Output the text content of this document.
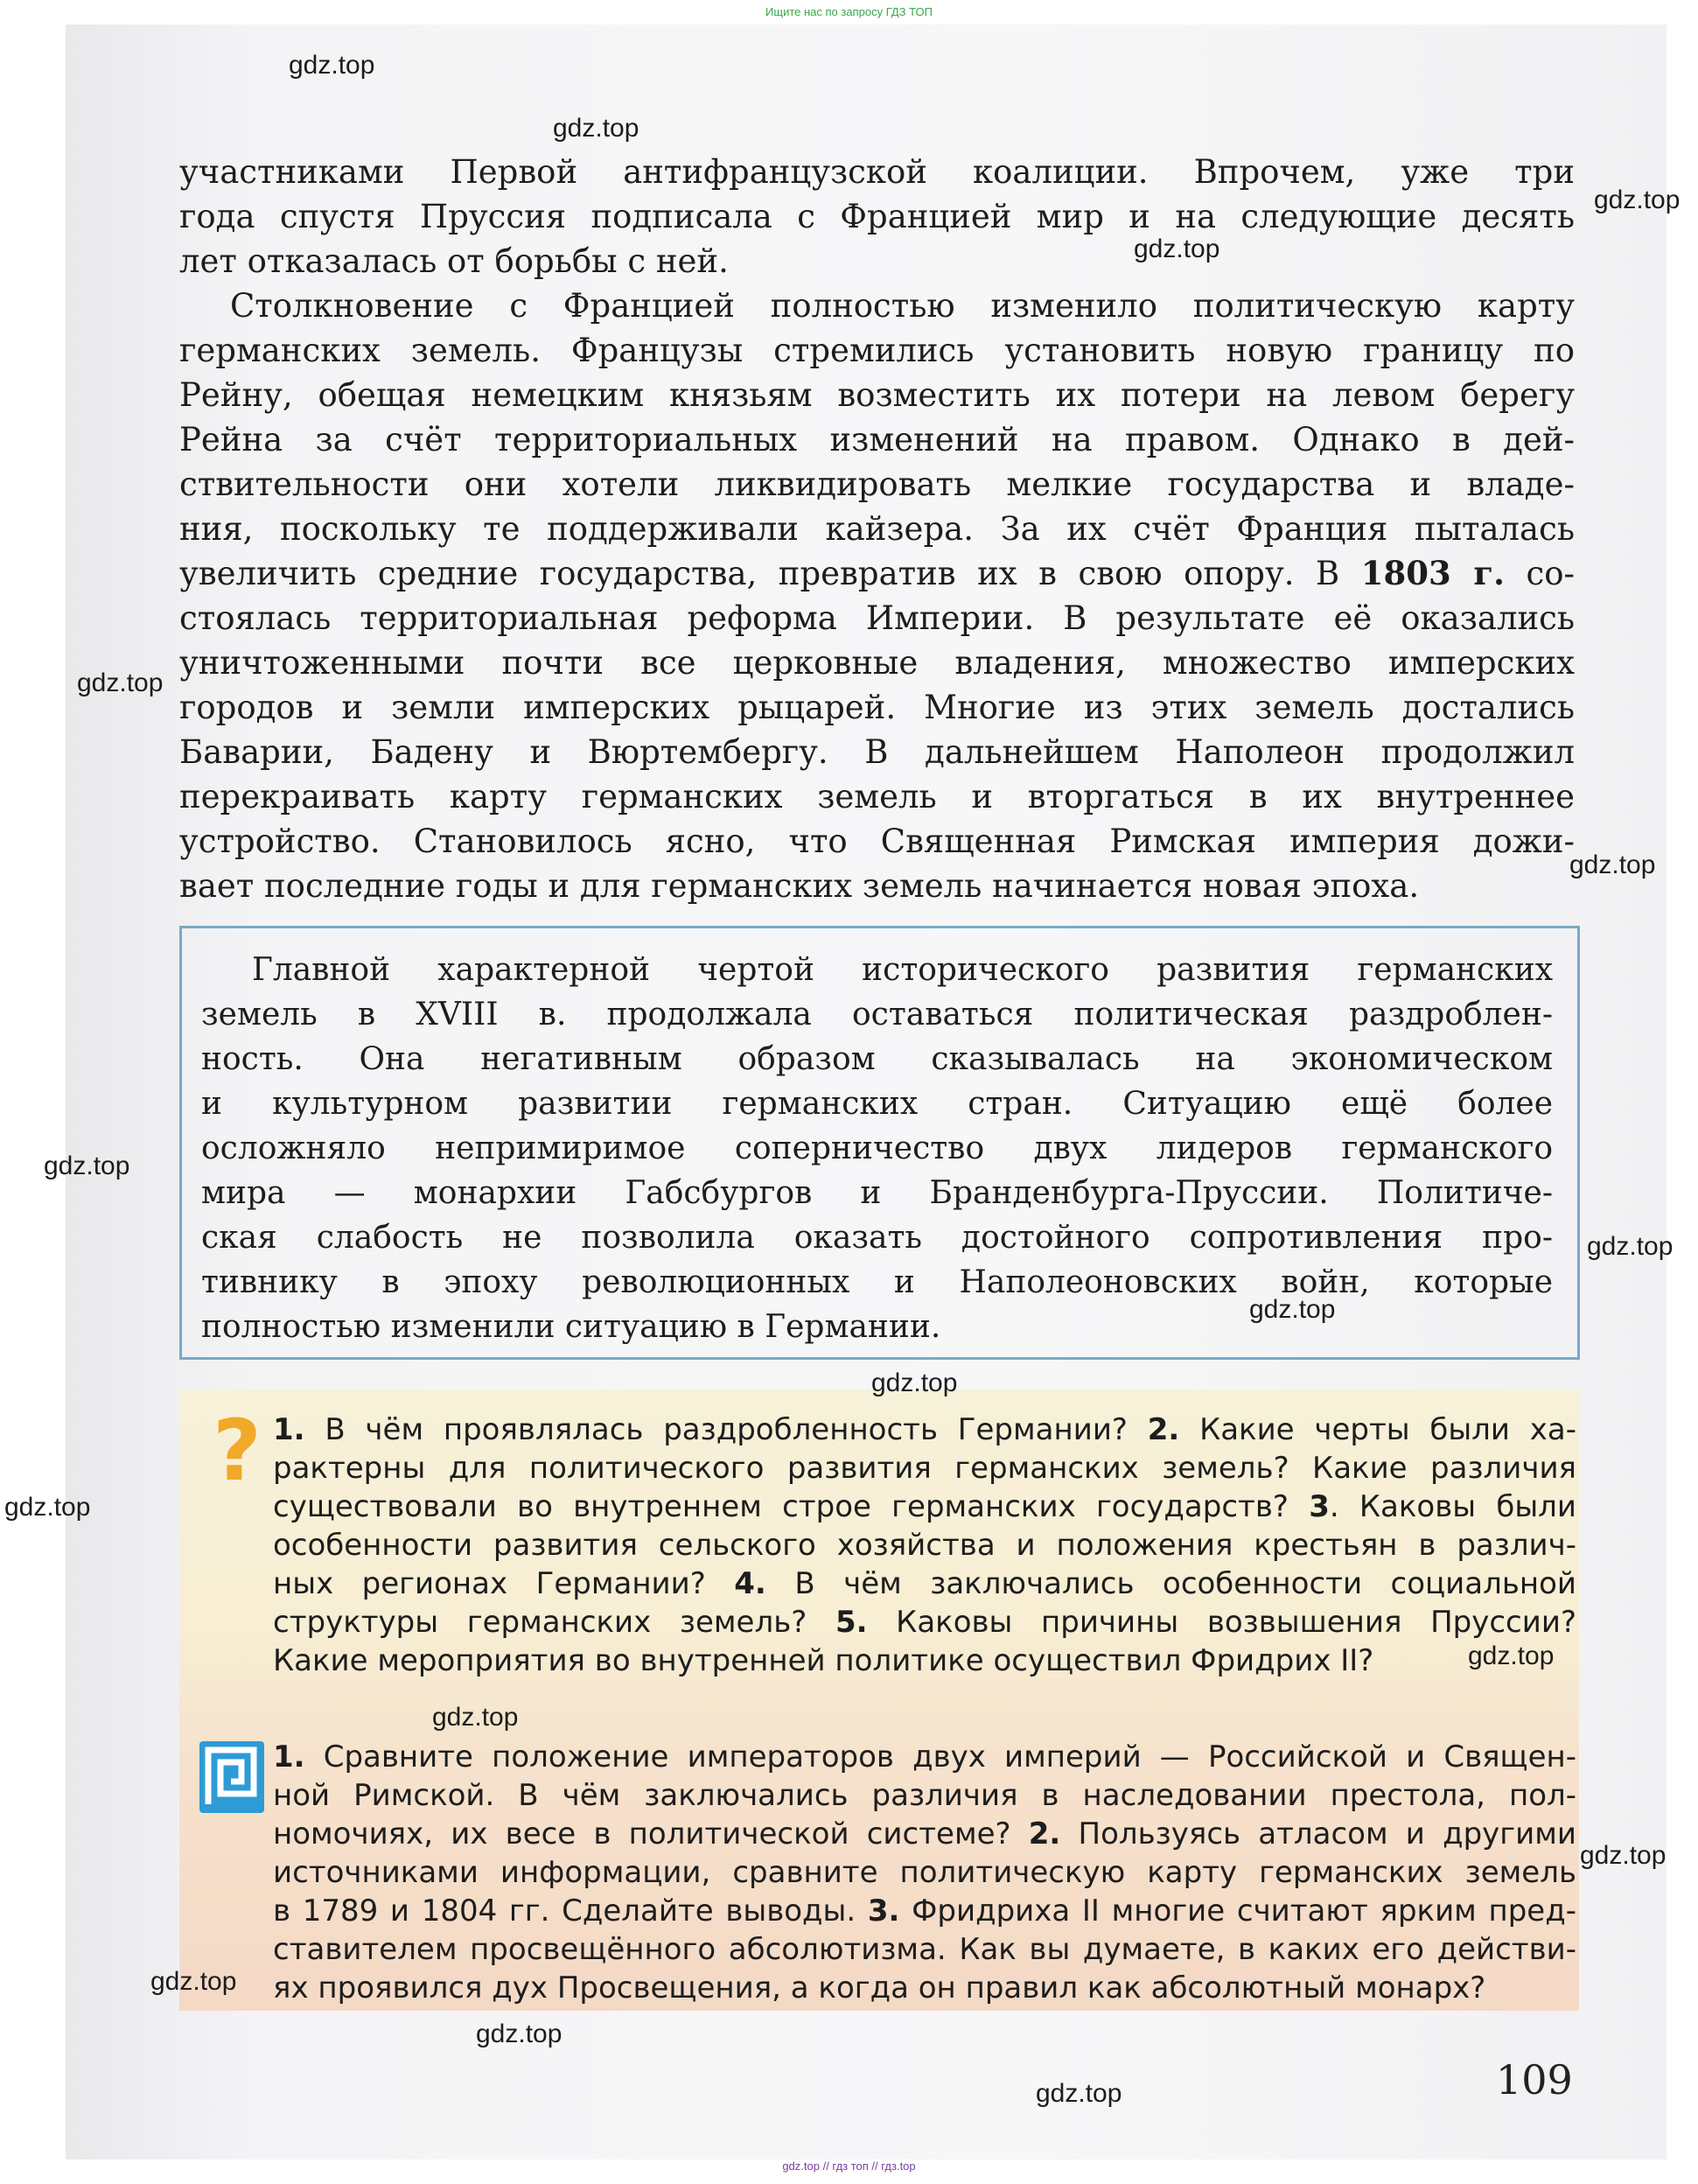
Ищите нас по запросу ГДЗ ТОП
участниками Первой антифранцузской коалиции. Впрочем, уже три
года спустя Пруссия подписала с Францией мир и на следующие десять
лет отказалась от борьбы с ней.
Столкновение с Францией полностью изменило политическую карту
германских земель. Французы стремились установить новую границу по
Рейну, обещая немецким князьям возместить их потери на левом берегу
Рейна за счёт территориальных изменений на правом. Однако в дей-
ствительности они хотели ликвидировать мелкие государства и владе-
ния, поскольку те поддерживали кайзера. За их счёт Франция пыталась
увеличить средние государства, превратив их в свою опору. В 1803 г. со-
стоялась территориальная реформа Империи. В результате её оказались
уничтоженными почти все церковные владения, множество имперских
городов и земли имперских рыцарей. Многие из этих земель достались
Баварии, Бадену и Вюртембергу. В дальнейшем Наполеон продолжил
перекраивать карту германских земель и вторгаться в их внутреннее
устройство. Становилось ясно, что Священная Римская империя дожи-
вает последние годы и для германских земель начинается новая эпоха.
Главной характерной чертой исторического развития германских
земель в XVIII в. продолжала оставаться политическая раздроблен-
ность. Она негативным образом сказывалась на экономическом
и культурном развитии германских стран. Ситуацию ещё более
осложняло непримиримое соперничество двух лидеров германского
мира — монархии Габсбургов и Бранденбурга-Пруссии. Политиче-
ская слабость не позволила оказать достойного сопротивления про-
тивнику в эпоху революционных и Наполеоновских войн, которые
полностью изменили ситуацию в Германии.
? 1. В чём проявлялась раздробленность Германии? 2. Какие черты были ха-
рактерны для политического развития германских земель? Какие различия
существовали во внутреннем строе германских государств? 3. Каковы были
особенности развития сельского хозяйства и положения крестьян в различ-
ных регионах Германии? 4. В чём заключались особенности социальной
структуры германских земель? 5. Каковы причины возвышения Пруссии?
Какие мероприятия во внутренней политике осуществил Фридрих II?
1. Сравните положение императоров двух империй — Российской и Священ-
ной Римской. В чём заключались различия в наследовании престола, пол-
номочиях, их весе в политической системе? 2. Пользуясь атласом и другими
источниками информации, сравните политическую карту германских земель
в 1789 и 1804 гг. Сделайте выводы. 3. Фридриха II многие считают ярким пред-
ставителем просвещённого абсолютизма. Как вы думаете, в каких его действи-
ях проявился дух Просвещения, а когда он правил как абсолютный монарх?
109
gdz.top
gdz.top
gdz.top
gdz.top
gdz.top
gdz.top
gdz.top
gdz.top
gdz.top
gdz.top
gdz.top
gdz.top
gdz.top
gdz.top
gdz.top
gdz.top
gdz.top
gdz.top // гдз топ // гдз.top
